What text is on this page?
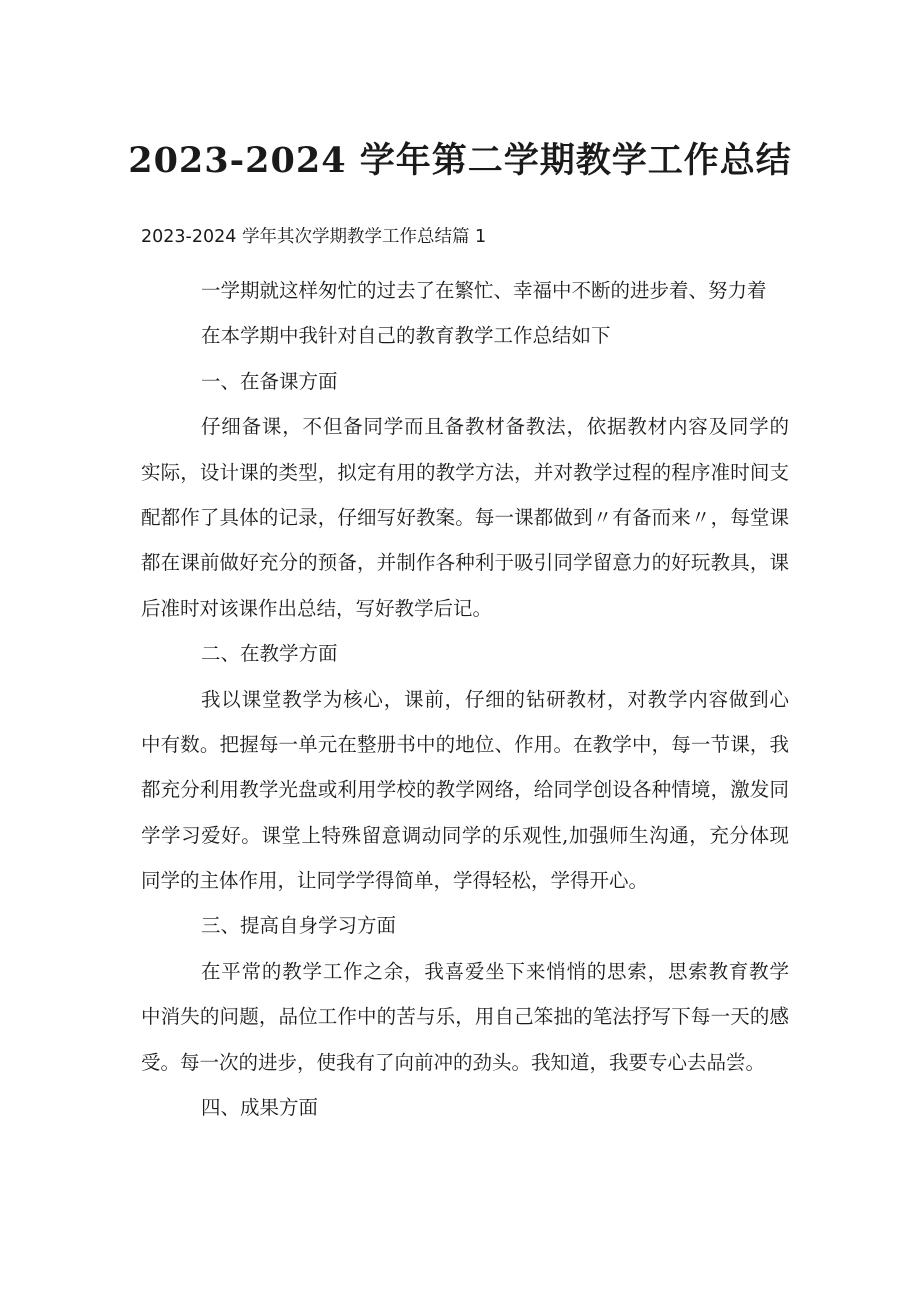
2023-2024 学年第二学期教学工作总结
2023-2024 学年其次学期教学工作总结篇 1
一学期就这样匆忙的过去了在繁忙、幸福中不断的进步着、努力着
在本学期中我针对自己的教育教学工作总结如下
一、在备课方面
仔细备课，不但备同学而且备教材备教法，依据教材内容及同学的
实际，设计课的类型，拟定有用的教学方法，并对教学过程的程序准时间支
配都作了具体的记录，仔细写好教案。每一课都做到〃有备而来〃，每堂课
都在课前做好充分的预备，并制作各种利于吸引同学留意力的好玩教具，课
后准时对该课作出总结，写好教学后记。
二、在教学方面
我以课堂教学为核心，课前，仔细的钻研教材，对教学内容做到心
中有数。把握每一单元在整册书中的地位、作用。在教学中，每一节课，我
都充分利用教学光盘或利用学校的教学网络，给同学创设各种情境，激发同
学学习爱好。课堂上特殊留意调动同学的乐观性,加强师生沟通，充分体现
同学的主体作用，让同学学得简单，学得轻松，学得开心。
三、提高自身学习方面
在平常的教学工作之余，我喜爱坐下来悄悄的思索，思索教育教学
中消失的问题，品位工作中的苦与乐，用自己笨拙的笔法抒写下每一天的感
受。每一次的进步，使我有了向前冲的劲头。我知道，我要专心去品尝。
四、成果方面
